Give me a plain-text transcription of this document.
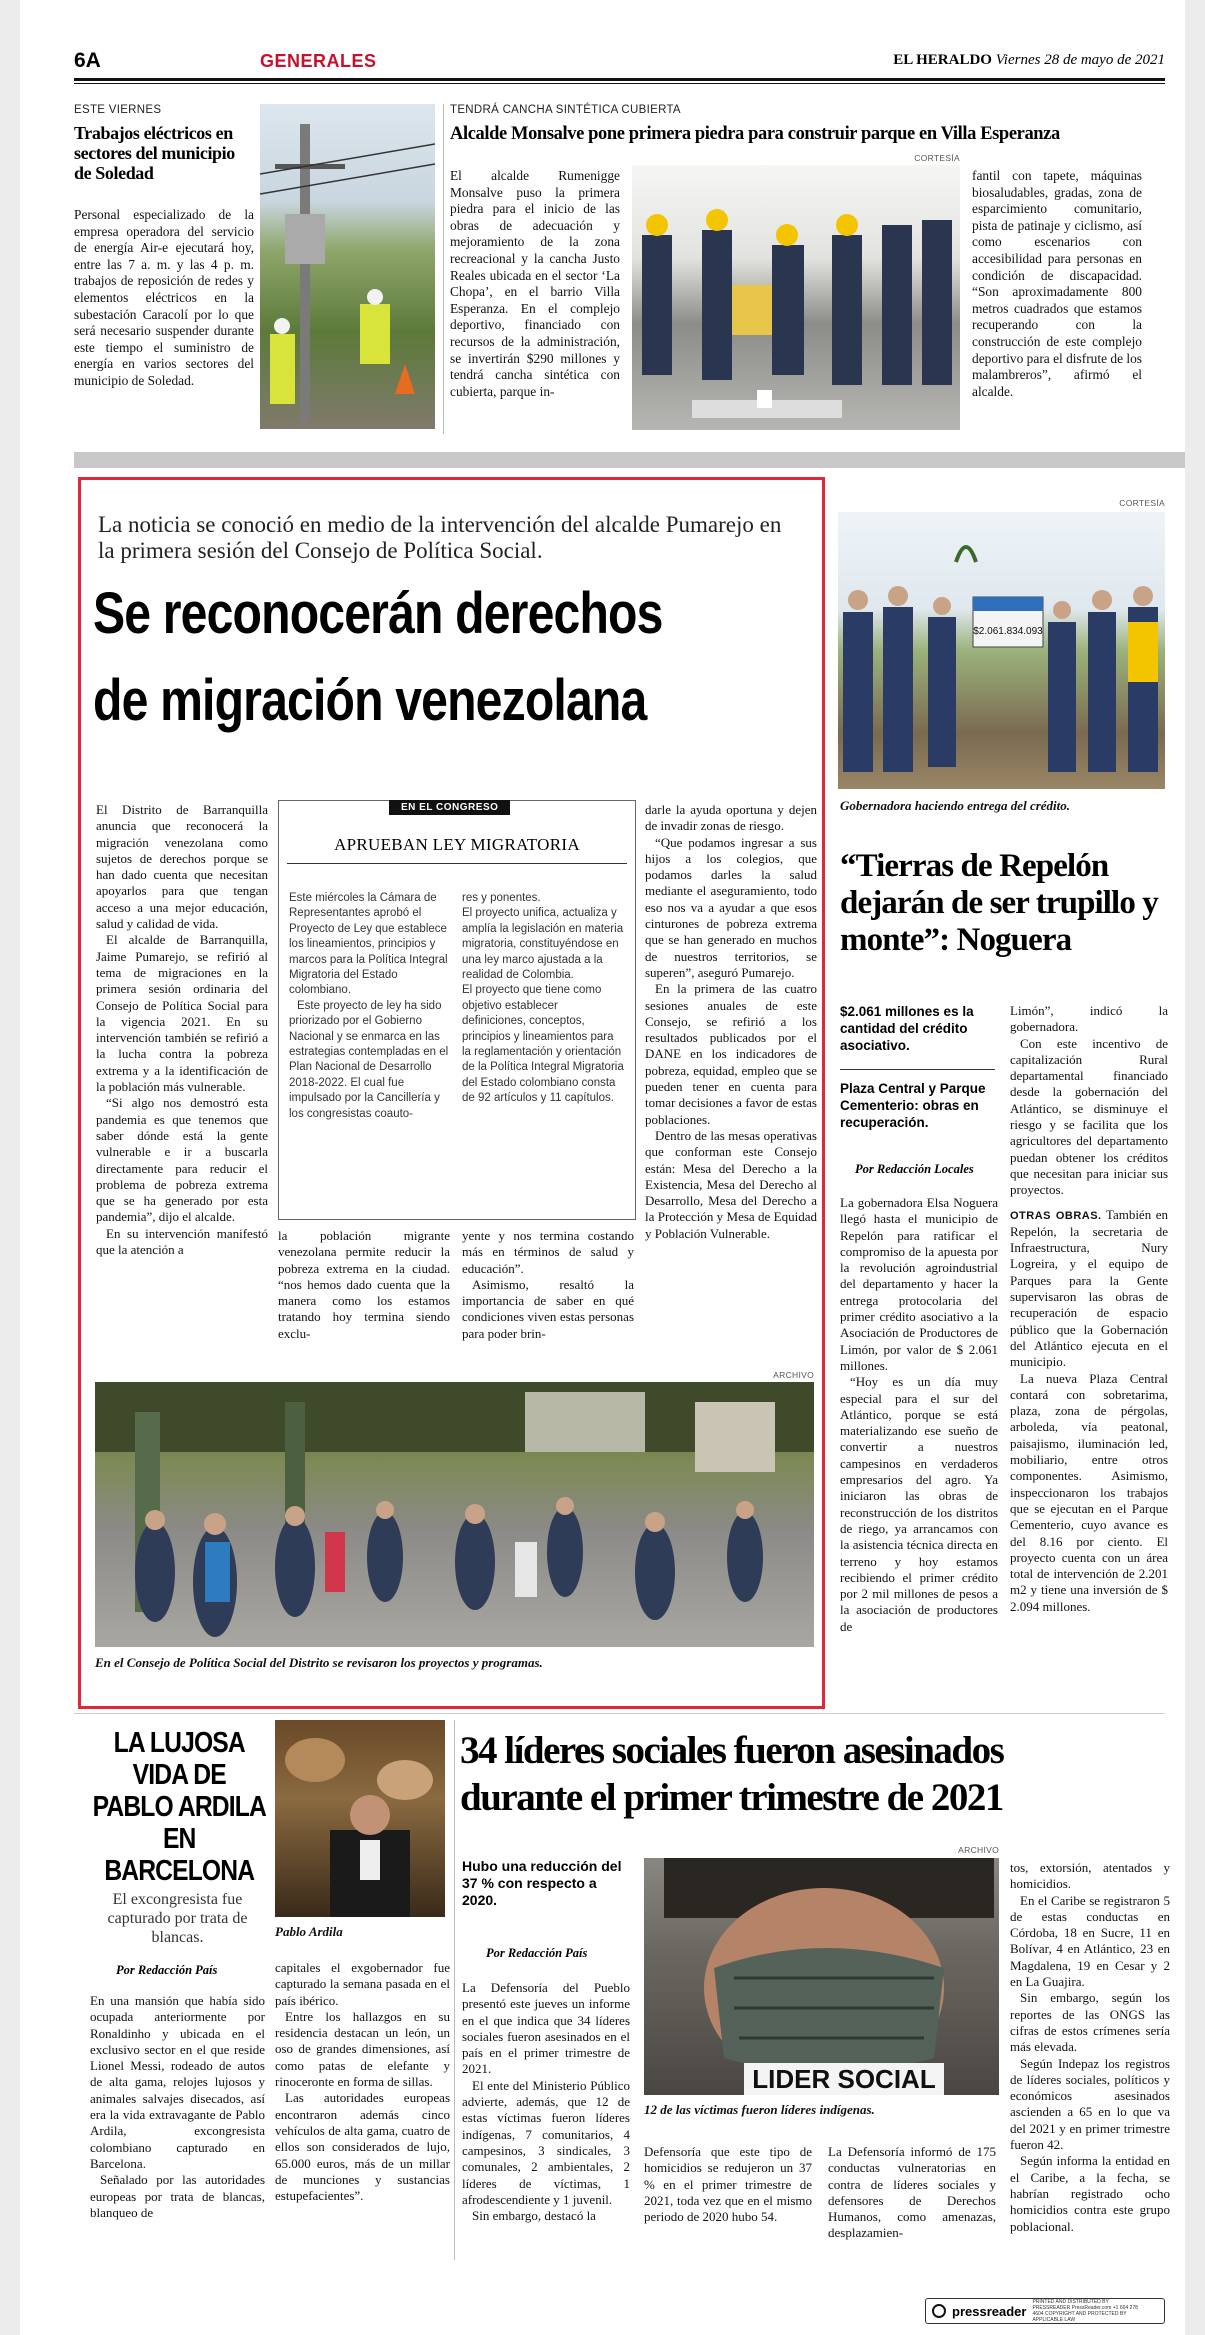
6A	GENERALES	EL HERALDO Viernes 28 de mayo de 2021
ESTE VIERNES
Trabajos eléctricos en sectores del municipio de Soledad
Personal especializado de la empresa operadora del servicio de energía Air-e ejecutará hoy, entre las 7 a. m. y las 4 p. m. trabajos de reposición de redes y elementos eléctricos en la subestación Caracolí por lo que será necesario suspender durante este tiempo el suministro de energía en varios sectores del municipio de Soledad.
TENDRÁ CANCHA SINTÉTICA CUBIERTA
Alcalde Monsalve pone primera piedra para construir parque en Villa Esperanza
El alcalde Rumenigge Monsalve puso la primera piedra para el inicio de las obras de adecuación y mejoramiento de la zona recreacional y la cancha Justo Reales ubicada en el sector ‘La Chopa’, en el barrio Villa Esperanza. En el complejo deportivo, financiado con recursos de la administración, se invertirán $290 millones y tendrá cancha sintética con cubierta, parque in-
CORTESÍA
fantil con tapete, máquinas biosaludables, gradas, zona de esparcimiento comunitario, pista de patinaje y ciclismo, así como escenarios con accesibilidad para personas en condición de discapacidad. “Son aproximadamente 800 metros cuadrados que estamos recuperando con la construcción de este complejo deportivo para el disfrute de los malambreros”, afirmó el alcalde.
La noticia se conoció en medio de la intervención del alcalde Pumarejo en la primera sesión del Consejo de Política Social.
Se reconocerán derechos
de migración venezolana

El Distrito de Barranquilla anuncia que reconocerá la migración venezolana como sujetos de derechos porque se han dado cuenta que necesitan apoyarlos para que tengan acceso a una mejor educación, salud y calidad de vida.

El alcalde de Barranquilla, Jaime Pumarejo, se refirió al tema de migraciones en la primera sesión ordinaria del Consejo de Política Social para la vigencia 2021. En su intervención también se refirió a la lucha contra la pobreza extrema y a la identificación de la población más vulnerable.

“Si algo nos demostró esta pandemia es que tenemos que saber dónde está la gente vulnerable e ir a buscarla directamente para reducir el problema de pobreza extrema que se ha generado por esta pandemia”, dijo el alcalde.

En su intervención manifestó que la atención a

EN EL CONGRESO
APRUEBAN LEY MIGRATORIA

Este miércoles la Cámara de Representantes aprobó el Proyecto de Ley que establece los lineamientos, principios y marcos para la Política Integral Migratoria del Estado colombiano.

Este proyecto de ley ha sido priorizado por el Gobierno Nacional y se enmarca en las estrategias contempladas en el Plan Nacional de Desarrollo 2018-2022. El cual fue impulsado por la Cancillería y los congresistas coauto-

res y ponentes.

El proyecto unifica, actualiza y amplía la legislación en materia migratoria, constituyéndose en una ley marco ajustada a la realidad de Colombia.

El proyecto que tiene como objetivo establecer definiciones, conceptos, principios y lineamientos para la reglamentación y orientación de la Política Integral Migratoria del Estado colombiano consta de 92 artículos y 11 capítulos.

la población migrante venezolana permite reducir la pobreza extrema en la ciudad. “nos hemos dado cuenta que la manera como los estamos tratando hoy termina siendo exclu-

yente y nos termina costando más en términos de salud y educación”.

Asimismo, resaltó la importancia de saber en qué condiciones viven estas personas para poder brin-

darle la ayuda oportuna y dejen de invadir zonas de riesgo.

“Que podamos ingresar a sus hijos a los colegios, que podamos darles la salud mediante el aseguramiento, todo eso nos va a ayudar a que esos cinturones de pobreza extrema que se han generado en muchos de nuestros territorios, se superen”, aseguró Pumarejo.

En la primera de las cuatro sesiones anuales de este Consejo, se refirió a los resultados publicados por el DANE en los indicadores de pobreza, equidad, empleo que se pueden tener en cuenta para tomar decisiones a favor de estas poblaciones.

Dentro de las mesas operativas que conforman este Consejo están: Mesa del Derecho a la Existencia, Mesa del Derecho al Desarrollo, Mesa del Derecho a la Protección y Mesa de Equidad y Población Vulnerable.

ARCHIVO
En el Consejo de Política Social del Distrito se revisaron los proyectos y programas.
CORTESÍA
$2.061.834.093
Gobernadora haciendo entrega del crédito.
“Tierras de Repelón dejarán de ser trupillo y monte”: Noguera
$2.061 millones es la cantidad del crédito asociativo.
Plaza Central y Parque Cementerio: obras en recuperación.
Por Redacción Locales

La gobernadora Elsa Noguera llegó hasta el municipio de Repelón para ratificar el compromiso de la apuesta por la revolución agroindustrial del departamento y hacer la entrega protocolaria del primer crédito asociativo a la Asociación de Productores de Limón, por valor de $ 2.061 millones.

“Hoy es un día muy especial para el sur del Atlántico, porque se está materializando ese sueño de convertir a nuestros campesinos en verdaderos empresarios del agro. Ya iniciaron las obras de reconstrucción de los distritos de riego, ya arrancamos con la asistencia técnica directa en terreno y hoy estamos recibiendo el primer crédito por 2 mil millones de pesos a la asociación de productores de

Limón”, indicó la gobernadora.

Con este incentivo de capitalización Rural departamental financiado desde la gobernación del Atlántico, se disminuye el riesgo y se facilita que los agricultores del departamento puedan obtener los créditos que necesitan para iniciar sus proyectos.

OTRAS OBRAS. También en Repelón, la secretaria de Infraestructura, Nury Logreira, y el equipo de Parques para la Gente supervisaron las obras de recuperación de espacio público que la Gobernación del Atlántico ejecuta en el municipio.

La nueva Plaza Central contará con sobretarima, plaza, zona de pérgolas, arboleda, vía peatonal, paisajismo, iluminación led, mobiliario, entre otros componentes. Asimismo, inspeccionaron los trabajos que se ejecutan en el Parque Cementerio, cuyo avance es del 8.16 por ciento. El proyecto cuenta con un área total de intervención de 2.201 m2 y tiene una inversión de $ 2.094 millones.

LA LUJOSA VIDA DE PABLO ARDILA EN BARCELONA
El excongresista fue capturado por trata de blancas.
Por Redacción País
Pablo Ardila

En una mansión que había sido ocupada anteriormente por Ronaldinho y ubicada en el exclusivo sector en el que reside Lionel Messi, rodeado de autos de alta gama, relojes lujosos y animales salvajes disecados, así era la vida extravagante de Pablo Ardila, excongresista colombiano capturado en Barcelona.

Señalado por las autoridades europeas por trata de blancas, blanqueo de

capitales el exgobernador fue capturado la semana pasada en el país ibérico.

Entre los hallazgos en su residencia destacan un león, un oso de grandes dimensiones, así como patas de elefante y rinoceronte en forma de sillas.

Las autoridades europeas encontraron además cinco vehículos de alta gama, cuatro de ellos son considerados de lujo, 65.000 euros, más de un millar de munciones y sustancias estupefacientes”.

34 líderes sociales fueron asesinados
durante el primer trimestre de 2021
Hubo una reducción del 37 % con respecto a 2020.
Por Redacción País

La Defensoría del Pueblo presentó este jueves un informe en el que indica que 34 líderes sociales fueron asesinados en el país en el primer trimestre de 2021.

El ente del Ministerio Público advierte, además, que 12 de estas víctimas fueron líderes indígenas, 7 comunitarios, 4 campesinos, 3 sindicales, 3 comunales, 2 ambientales, 2 líderes de víctimas, 1 afrodescendiente y 1 juvenil.

Sin embargo, destacó la

ARCHIVO
LIDER SOCIAL
12 de las víctimas fueron líderes indígenas.
Defensoría que este tipo de homicidios se redujeron un 37 % en el primer trimestre de 2021, toda vez que en el mismo periodo de 2020 hubo 54.
La Defensoría informó de 175 conductas vulneratorias en contra de líderes sociales y defensores de Derechos Humanos, como amenazas, desplazamien-

tos, extorsión, atentados y homicidios.

En el Caribe se registraron 5 de estas conductas en Córdoba, 18 en Sucre, 11 en Bolívar, 4 en Atlántico, 23 en Magdalena, 19 en Cesar y 2 en La Guajira.

Sin embargo, según los reportes de las ONGS las cifras de estos crímenes sería más elevada.

Según Indepaz los registros de líderes sociales, políticos y económicos asesinados ascienden a 65 en lo que va del 2021 y en primer trimestre fueron 42.

Según informa la entidad en el Caribe, a la fecha, se habrían registrado ocho homicidios contra este grupo poblacional.

pressreader
PRINTED AND DISTRIBUTED BY PRESSREADER PressReader.com +1 604 278 4604 COPYRIGHT AND PROTECTED BY APPLICABLE LAW
